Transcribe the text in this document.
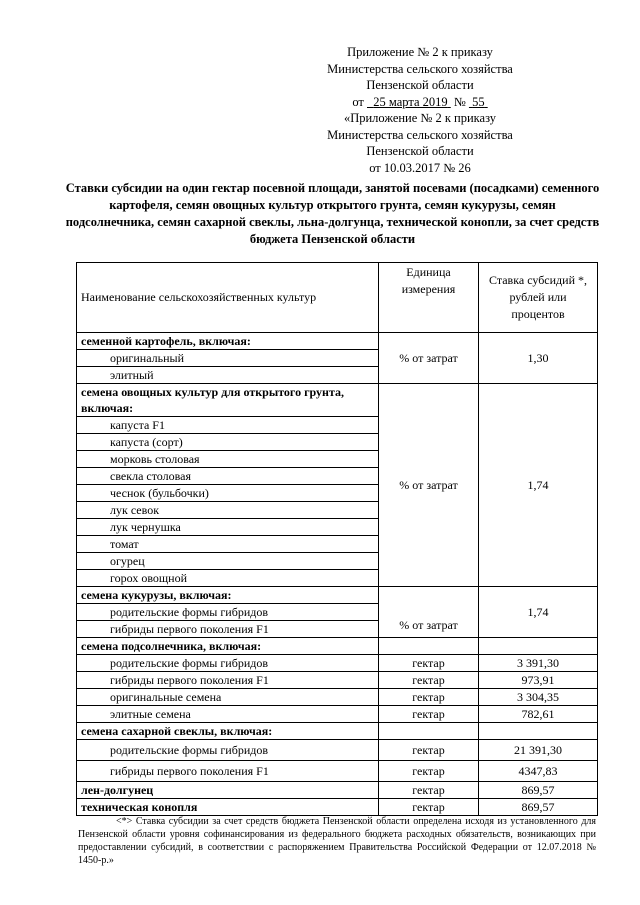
Приложение № 2 к приказу
Министерства сельского хозяйства
Пензенской области
от 25 марта 2019 № 55
«Приложение № 2 к приказу
Министерства сельского хозяйства
Пензенской области
от 10.03.2017 № 26
Ставки субсидии на один гектар посевной площади, занятой посевами (посадками) семенного картофеля, семян овощных культур открытого грунта, семян кукурузы, семян подсолнечника, семян сахарной свеклы, льна-долгунца, технической конопли, за счет средств бюджета Пензенской области
Наименование сельскохозяйственных культур	Единица измерения	Ставка субсидий *, рублей или процентов
семенной картофель, включая:	% от затрат	1,30
оригинальный		
элитный		
семена овощных культур для открытого грунта, включая:	% от затрат	1,74
капуста F1		
капуста (сорт)		
морковь столовая		
свекла столовая		
чеснок (бульбочки)		
лук севок		
лук чернушка		
томат		
огурец		
горох овощной		
семена кукурузы, включая:	% от затрат	1,74
родительские формы гибридов		
гибриды первого поколения F1		
семена подсолнечника, включая:		
родительские формы гибридов	гектар	3 391,30
гибриды первого поколения F1	гектар	973,91
оригинальные семена	гектар	3 304,35
элитные семена	гектар	782,61
семена сахарной свеклы, включая:		
родительские формы гибридов	гектар	21 391,30
гибриды первого поколения F1	гектар	4347,83
лен-долгунец	гектар	869,57
техническая конопля	гектар	869,57
<*> Ставка субсидии за счет средств бюджета Пензенской области определена исходя из установленного для Пензенской области уровня софинансирования из федерального бюджета расходных обязательств, возникающих при предоставлении субсидий, в соответствии с распоряжением Правительства Российской Федерации от 12.07.2018 № 1450-р.»
